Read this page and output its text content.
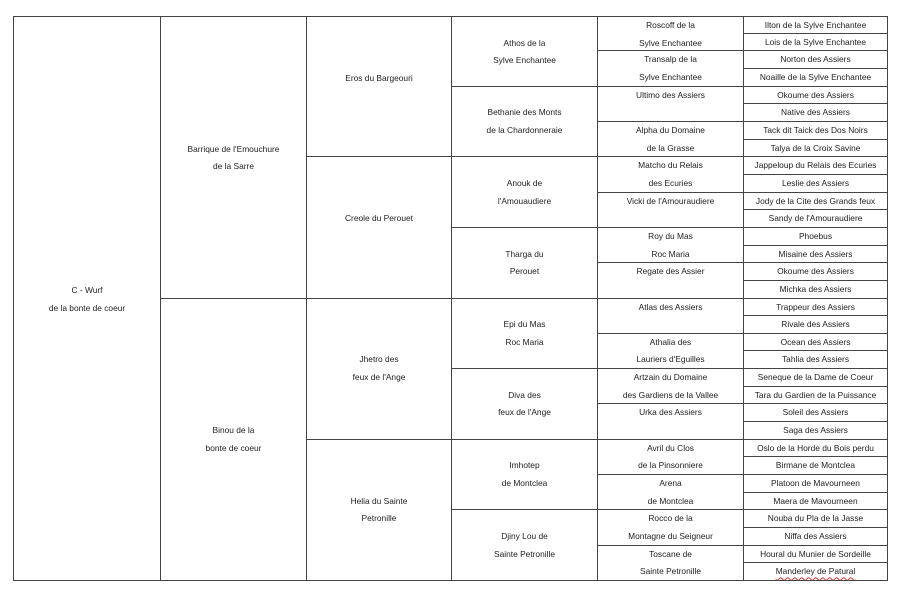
C - Wurf
de la bonte de coeur
Barrique de l'Emouchure
de la Sarre
Binou de la
bonte de coeur
Eros du Bargeouri
Creole du Perouet
Jhetro des
feux de l'Ange
Helia du Sainte
Petronille
Athos de la
Sylve Enchantee
Bethanie des Monts
de la Chardonneraie
Anouk de
l'Amouaudiere
Tharga du
Perouet
Epi du Mas
Roc Maria
Diva des
feux de l'Ange
Imhotep
de Montclea
Djiny Lou de
Sainte Petronille
Roscoff de la
Sylve Enchantee
Transalp de la
Sylve Enchantee
Ultimo des Assiers
Alpha du Domaine
de la Grasse
Matcho du Relais
des Ecuries
Vicki de l'Amouraudiere
Roy du Mas
Roc Maria
Regate des Assier
Atlas des Assiers
Athalia des
Lauriers d'Eguilles
Artzain du Domaine
des Gardiens de la Vallee
Urka des Assiers
Avril du Clos
de la Pinsonniere
Arena
de Montclea
Rocco de la
Montagne du Seigneur
Toscane de
Sainte Petronille
Ilton de la Sylve Enchantee
Lois de la Sylve Enchantee
Norton des Assiers
Noaille de la Sylve Enchantee
Okoume des Assiers
Native des Assiers
Tack dit Taick des Dos Noirs
Talya de la Croix Savine
Jappeloup du Relais des Ecuries
Leslie des Assiers
Jody de la Cite des Grands feux
Sandy de l'Amouraudiere
Phoebus
Misaine des Assiers
Okoume des Assiers
Michka des Assiers
Trappeur des Assiers
Rivale des Assiers
Ocean des Assiers
Tahlia des Assiers
Seneque de la Dame de Coeur
Tara du Gardien de la Puissance
Soleil des Assiers
Saga des Assiers
Oslo de la Horde du Bois perdu
Birmane de Montclea
Platoon de Mavourneen
Maera de Mavourneen
Nouba du Pla de la Jasse
Niffa des Assiers
Houral du Munier de Sordeille
Manderley de Patural
